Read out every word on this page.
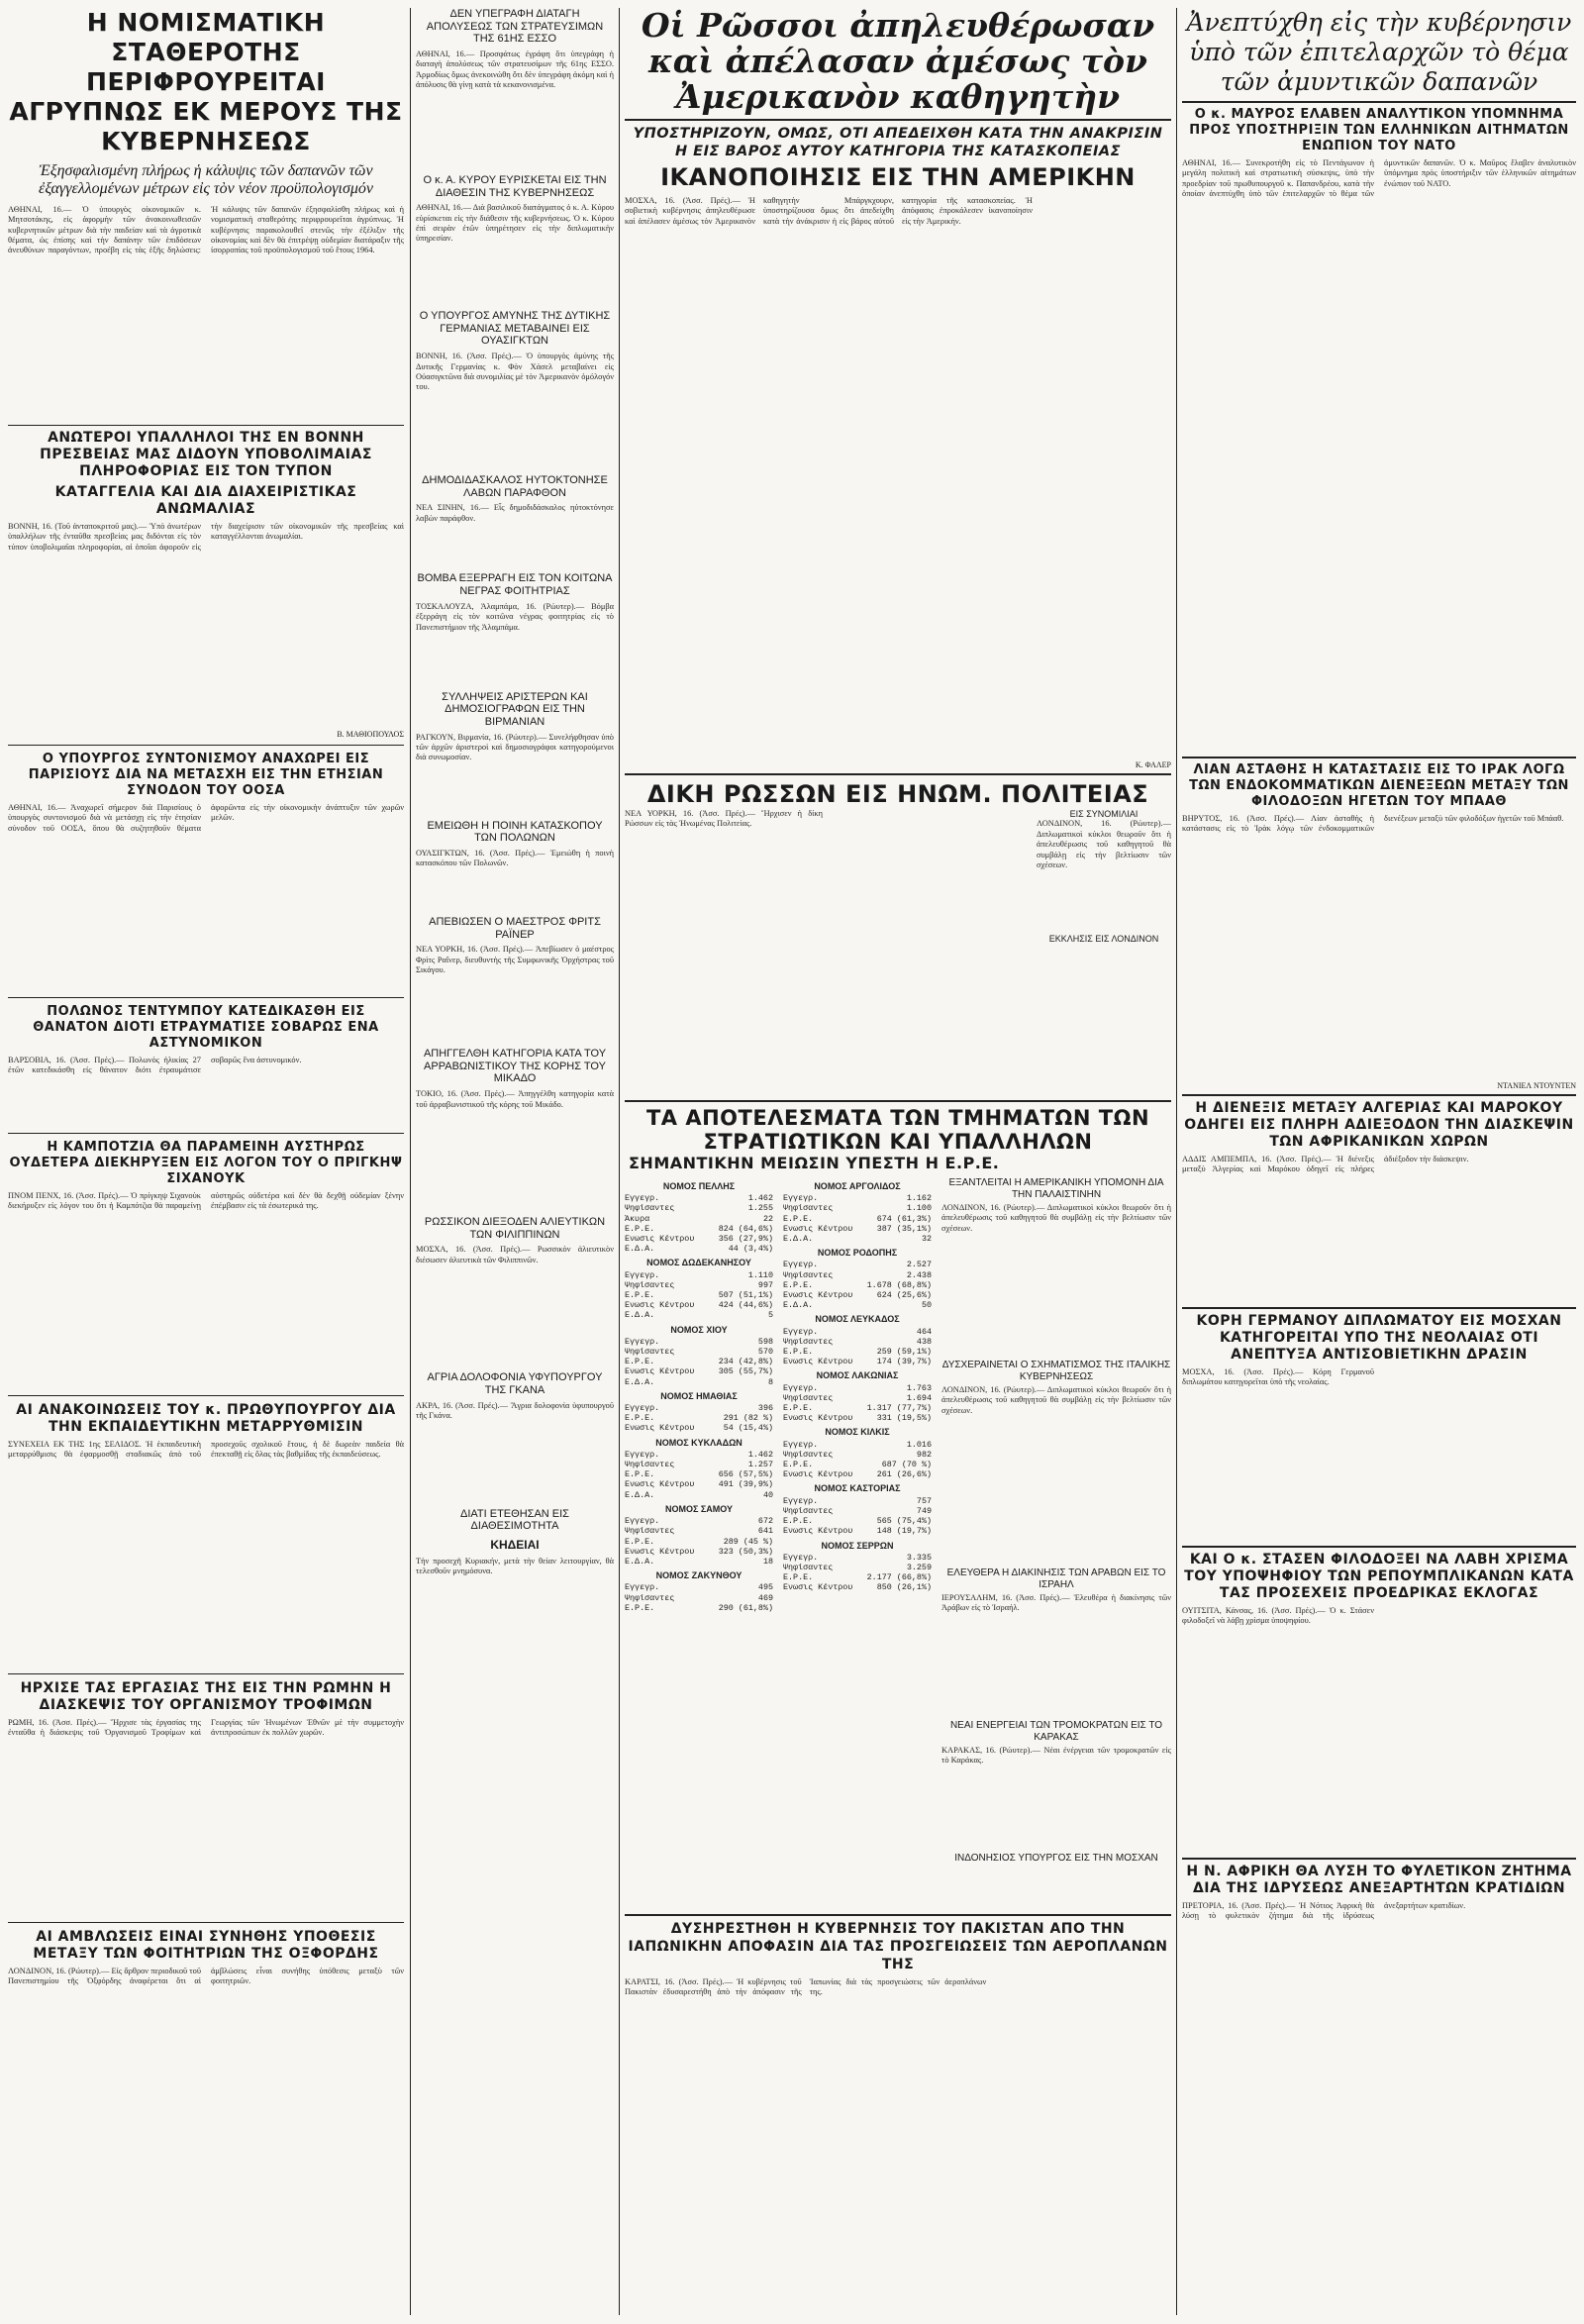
Η ΝΟΜΙΣΜΑΤΙΚΗ ΣΤΑΘΕΡΟΤΗΣ ΠΕΡΙΦΡΟΥΡΕΙΤΑΙ ΑΓΡΥΠΝΩΣ ΕΚ ΜΕΡΟΥΣ ΤΗΣ ΚΥΒΕΡΝΗΣΕΩΣ
Ἐξησφαλισμένη πλήρως ἡ κάλυψις τῶν δαπανῶν τῶν ἐξαγγελλομένων μέτρων εἰς τὸν νέον προϋπολογισμόν
ΑΘΗΝΑΙ, 16.— Ὁ ὑπουργὸς οἰκονομικῶν κ. Μητσοτάκης, εἰς ἀφορμὴν τῶν ἀνακοινωθεισῶν κυβερνητικῶν μέτρων διὰ τὴν παιδείαν καὶ τὰ ἀγροτικὰ θέματα, ὡς ἐπίσης καὶ τὴν δαπάνην τῶν ἐπιδόσεων ἀνευθύνων παραγόντων, προέβη εἰς τὰς ἑξῆς δηλώσεις: Ἡ κάλυψις τῶν δαπανῶν ἐξησφαλίσθη πλήρως καὶ ἡ νομισματικὴ σταθερότης περιφρουρεῖται ἀγρύπνως. Ἡ κυβέρνησις παρακολουθεῖ στενῶς τὴν ἐξέλιξιν τῆς οἰκονομίας καὶ δὲν θὰ ἐπιτρέψῃ οὐδεμίαν διατάραξιν τῆς ἰσορροπίας τοῦ προϋπολογισμοῦ τοῦ ἔτους 1964.
ΑΝΩΤΕΡΟΙ ΥΠΑΛΛΗΛΟΙ ΤΗΣ ΕΝ ΒΟΝΝΗ ΠΡΕΣΒΕΙΑΣ ΜΑΣ ΔΙΔΟΥΝ ΥΠΟΒΟΛΙΜΑΙΑΣ ΠΛΗΡΟΦΟΡΙΑΣ ΕΙΣ ΤΟΝ ΤΥΠΟΝ
ΚΑΤΑΓΓΕΛΙΑ ΚΑΙ ΔΙΑ ΔΙΑΧΕΙΡΙΣΤΙΚΑΣ ΑΝΩΜΑΛΙΑΣ
ΒΟΝΝΗ, 16. (Τοῦ ἀνταποκριτοῦ μας).— Ὑπὸ ἀνωτέρων ὑπαλλήλων τῆς ἐνταῦθα πρεσβείας μας διδόνται εἰς τὸν τύπον ὑποβολιμαῖαι πληροφορίαι, αἱ ὁποῖαι ἀφοροῦν εἰς τὴν διαχείρισιν τῶν οἰκονομικῶν τῆς πρεσβείας καὶ καταγγέλλονται ἀνωμαλίαι.
Β. ΜΑΘΙΟΠΟΥΛΟΣ
Ο ΥΠΟΥΡΓΟΣ ΣΥΝΤΟΝΙΣΜΟΥ ΑΝΑΧΩΡΕΙ ΕΙΣ ΠΑΡΙΣΙΟΥΣ ΔΙΑ ΝΑ ΜΕΤΑΣΧΗ ΕΙΣ ΤΗΝ ΕΤΗΣΙΑΝ ΣΥΝΟΔΟΝ ΤΟΥ ΟΟΣΑ
ΑΘΗΝΑΙ, 16.— Ἀναχωρεῖ σήμερον διὰ Παρισίους ὁ ὑπουργὸς συντονισμοῦ διὰ νὰ μετάσχῃ εἰς τὴν ἐτησίαν σύνοδον τοῦ ΟΟΣΑ, ὅπου θὰ συζητηθοῦν θέματα ἀφορῶντα εἰς τὴν οἰκονομικὴν ἀνάπτυξιν τῶν χωρῶν μελῶν.
ΠΟΛΩΝΟΣ ΤΕΝΤΥΜΠΟΥ ΚΑΤΕΔΙΚΑΣΘΗ ΕΙΣ ΘΑΝΑΤΟΝ ΔΙΟΤΙ ΕΤΡΑΥΜΑΤΙΣΕ ΣΟΒΑΡΩΣ ΕΝΑ ΑΣΤΥΝΟΜΙΚΟΝ
ΒΑΡΣΟΒΙΑ, 16. (Ἀσσ. Πρές).— Πολωνὸς ἠλικίας 27 ἐτῶν κατεδικάσθη εἰς θάνατον διότι ἐτραυμάτισε σοβαρῶς ἕνα ἀστυνομικόν.
Η ΚΑΜΠΟΤΖΙΑ ΘΑ ΠΑΡΑΜΕΙΝΗ ΑΥΣΤΗΡΩΣ ΟΥΔΕΤΕΡΑ ΔΙΕΚΗΡΥΞΕΝ ΕΙΣ ΛΟΓΟΝ ΤΟΥ Ο ΠΡΙΓΚΗΨ ΣΙΧΑΝΟΥΚ
ΠΝΟΜ ΠΕΝΧ, 16. (Ἀσσ. Πρές).— Ὁ πρίγκηψ Σιχανοὺκ διεκήρυξεν εἰς λόγον του ὅτι ἡ Καμπότζια θὰ παραμείνῃ αὐστηρῶς οὐδετέρα καὶ δὲν θὰ δεχθῇ οὐδεμίαν ξένην ἐπέμβασιν εἰς τὰ ἐσωτερικά της.
ΑΙ ΑΝΑΚΟΙΝΩΣΕΙΣ ΤΟΥ κ. ΠΡΩΘΥΠΟΥΡΓΟΥ ΔΙΑ ΤΗΝ ΕΚΠΑΙΔΕΥΤΙΚΗΝ ΜΕΤΑΡΡΥΘΜΙΣΙΝ
ΣΥΝΕΧΕΙΑ ΕΚ ΤΗΣ 1ης ΣΕΛΙΔΟΣ. Ἡ ἐκπαιδευτικὴ μεταρρύθμισις θὰ ἐφαρμοσθῇ σταδιακῶς ἀπὸ τοῦ προσεχοῦς σχολικοῦ ἔτους, ἡ δὲ δωρεὰν παιδεία θὰ ἐπεκταθῇ εἰς ὅλας τὰς βαθμίδας τῆς ἐκπαιδεύσεως.
ΗΡΧΙΣΕ ΤΑΣ ΕΡΓΑΣΙΑΣ ΤΗΣ ΕΙΣ ΤΗΝ ΡΩΜΗΝ Η ΔΙΑΣΚΕΨΙΣ ΤΟΥ ΟΡΓΑΝΙΣΜΟΥ ΤΡΟΦΙΜΩΝ
ΡΩΜΗ, 16. (Ἀσσ. Πρές).— Ἤρχισε τὰς ἐργασίας της ἐνταῦθα ἡ διάσκεψις τοῦ Ὀργανισμοῦ Τροφίμων καὶ Γεωργίας τῶν Ἡνωμένων Ἐθνῶν μὲ τὴν συμμετοχὴν ἀντιπροσώπων ἐκ πολλῶν χωρῶν.
ΑΙ ΑΜΒΛΩΣΕΙΣ ΕΙΝΑΙ ΣΥΝΗΘΗΣ ΥΠΟΘΕΣΙΣ ΜΕΤΑΞΥ ΤΩΝ ΦΟΙΤΗΤΡΙΩΝ ΤΗΣ ΟΞΦΟΡΔΗΣ
ΛΟΝΔΙΝΟΝ, 16. (Ρώυτερ).— Εἰς ἄρθρον περιοδικοῦ τοῦ Πανεπιστημίου τῆς Ὀξφόρδης ἀναφέρεται ὅτι αἱ ἀμβλώσεις εἶναι συνήθης ὑπόθεσις μεταξὺ τῶν φοιτητριῶν.
ΔΕΝ ΥΠΕΓΡΑΦΗ ΔΙΑΤΑΓΗ ΑΠΟΛΥΣΕΩΣ ΤΩΝ ΣΤΡΑΤΕΥΣΙΜΩΝ ΤΗΣ 61ΗΣ ΕΣΣΟ
ΑΘΗΝΑΙ, 16.— Προσφάτως ἐγράφη ὅτι ὑπεγράφη ἡ διαταγὴ ἀπολύσεως τῶν στρατευσίμων τῆς 61ης ΕΣΣΟ. Ἁρμοδίως ὅμως ἀνεκοινώθη ὅτι δὲν ὑπεγράφη ἀκόμη καὶ ἡ ἀπόλυσις θὰ γίνῃ κατὰ τὰ κεκανονισμένα.
Ο κ. Α. ΚΥΡΟΥ ΕΥΡΙΣΚΕΤΑΙ ΕΙΣ ΤΗΝ ΔΙΑΘΕΣΙΝ ΤΗΣ ΚΥΒΕΡΝΗΣΕΩΣ
ΑΘΗΝΑΙ, 16.— Διὰ βασιλικοῦ διατάγματος ὁ κ. Α. Κύρου εὑρίσκεται εἰς τὴν διάθεσιν τῆς κυβερνήσεως. Ὁ κ. Κύρου ἐπὶ σειρὰν ἐτῶν ὑπηρέτησεν εἰς τὴν διπλωματικὴν ὑπηρεσίαν.
Ο ΥΠΟΥΡΓΟΣ ΑΜΥΝΗΣ ΤΗΣ ΔΥΤΙΚΗΣ ΓΕΡΜΑΝΙΑΣ ΜΕΤΑΒΑΙΝΕΙ ΕΙΣ ΟΥΑΣΙΓΚΤΩΝ
ΒΟΝΝΗ, 16. (Ἀσσ. Πρές).— Ὁ ὑπουργὸς ἀμύνης τῆς Δυτικῆς Γερμανίας κ. Φὸν Χάσελ μεταβαίνει εἰς Οὐασιγκτῶνα διὰ συνομιλίας μὲ τὸν Ἀμερικανὸν ὁμόλογόν του.
ΔΗΜΟΔΙΔΑΣΚΑΛΟΣ ΗΥΤΟΚΤΟΝΗΣΕ ΛΑΒΩΝ ΠΑΡΑΦΘΟΝ
ΝΕΑ ΣΙΝΗΝ, 16.— Εἷς δημοδιδάσκαλος ηὐτοκτόνησε λαβὼν παράφθον.
ΒΟΜΒΑ ΕΞΕΡΡΑΓΗ ΕΙΣ ΤΟΝ ΚΟΙΤΩΝΑ ΝΕΓΡΑΣ ΦΟΙΤΗΤΡΙΑΣ
ΤΟΣΚΑΛΟΥΖΑ, Ἀλαμπάμα, 16. (Ρώυτερ).— Βόμβα ἐξερράγη εἰς τὸν κοιτῶνα νέγρας φοιτητρίας εἰς τὸ Πανεπιστήμιον τῆς Ἀλαμπάμα.
ΣΥΛΛΗΨΕΙΣ ΑΡΙΣΤΕΡΩΝ ΚΑΙ ΔΗΜΟΣΙΟΓΡΑΦΩΝ ΕΙΣ ΤΗΝ ΒΙΡΜΑΝΙΑΝ
ΡΑΓΚΟΥΝ, Βιρμανία, 16. (Ρώυτερ).— Συνελήφθησαν ὑπὸ τῶν ἀρχῶν ἀριστεροὶ καὶ δημοσιογράφοι κατηγορούμενοι διὰ συνωμοσίαν.
ΕΜΕΙΩΘΗ Η ΠΟΙΝΗ ΚΑΤΑΣΚΟΠΟΥ ΤΩΝ ΠΟΛΩΝΩΝ
ΟΥΑΣΙΓΚΤΩΝ, 16. (Ἀσσ. Πρές).— Ἐμειώθη ἡ ποινὴ κατασκόπου τῶν Πολωνῶν.
ΑΠΕΒΙΩΣΕΝ Ο ΜΑΕΣΤΡΟΣ ΦΡΙΤΣ ΡΑΪΝΕΡ
ΝΕΑ ΥΟΡΚΗ, 16. (Ἀσσ. Πρές).— Ἀπεβίωσεν ὁ μαέστρος Φρὶτς Ραΐνερ, διευθυντὴς τῆς Συμφωνικῆς Ὀρχήστρας τοῦ Σικάγου.
ΑΠΗΓΓΕΛΘΗ ΚΑΤΗΓΟΡΙΑ ΚΑΤΑ ΤΟΥ ΑΡΡΑΒΩΝΙΣΤΙΚΟΥ ΤΗΣ ΚΟΡΗΣ ΤΟΥ ΜΙΚΑΔΟ
ΤΟΚΙΟ, 16. (Ἀσσ. Πρές).— Ἀπηγγέλθη κατηγορία κατὰ τοῦ ἀρραβωνιστικοῦ τῆς κόρης τοῦ Μικάδο.
ΡΩΣΣΙΚΟΝ ΔΙΕΞΟΔΕΝ ΑΛΙΕΥΤΙΚΩΝ ΤΩΝ ΦΙΛΙΠΠΙΝΩΝ
ΜΟΣΧΑ, 16. (Ἀσσ. Πρές).— Ρωσσικὸν ἀλιευτικὸν διέσωσεν ἀλιευτικὰ τῶν Φιλιππινῶν.
ΑΓΡΙΑ ΔΟΛΟΦΟΝΙΑ ΥΦΥΠΟΥΡΓΟΥ ΤΗΣ ΓΚΑΝΑ
ΑΚΡΑ, 16. (Ἀσσ. Πρές).— Ἄγρια δολοφονία ὑφυπουργοῦ τῆς Γκάνα.
ΔΙΑΤΙ ΕΤΕΘΗΣΑΝ ΕΙΣ ΔΙΑΘΕΣΙΜΟΤΗΤΑ
ΚΗΔΕΙΑΙ
Τὴν προσεχῆ Κυριακήν, μετὰ τὴν θείαν λειτουργίαν, θὰ τελεσθοῦν μνημόσυνα.
Οἱ Ρῶσσοι ἀπηλευθέρωσαν καὶ ἀπέλασαν ἀμέσως τὸν Ἀμερικανὸν καθηγητὴν
ΥΠΟΣΤΗΡΙΖΟΥΝ, ΟΜΩΣ, ΟΤΙ ΑΠΕΔΕΙΧΘΗ ΚΑΤΑ ΤΗΝ ΑΝΑΚΡΙΣΙΝ Η ΕΙΣ ΒΑΡΟΣ ΑΥΤΟΥ ΚΑΤΗΓΟΡΙΑ ΤΗΣ ΚΑΤΑΣΚΟΠΕΙΑΣ
ΙΚΑΝΟΠΟΙΗΣΙΣ ΕΙΣ ΤΗΝ ΑΜΕΡΙΚΗΝ
ΜΟΣΧΑ, 16. (Ἀσσ. Πρές).— Ἡ σοβιετικὴ κυβέρνησις ἀπηλευθέρωσε καὶ ἀπέλασεν ἀμέσως τὸν Ἀμερικανὸν καθηγητὴν Μπάργκχουρν, ὑποστηρίζουσα ὅμως ὅτι ἀπεδείχθη κατὰ τὴν ἀνάκρισιν ἡ εἰς βάρος αὐτοῦ κατηγορία τῆς κατασκοπείας. Ἡ ἀπόφασις ἐπροκάλεσεν ἱκανοποίησιν εἰς τὴν Ἀμερικήν.
Κ. ΦΑΛΕΡ
ΔΙΚΗ ΡΩΣΣΩΝ ΕΙΣ ΗΝΩΜ. ΠΟΛΙΤΕΙΑΣ
ΝΕΑ ΥΟΡΚΗ, 16. (Ἀσσ. Πρές).— Ἤρχισεν ἡ δίκη Ρώσσων εἰς τὰς Ἡνωμένας Πολιτείας.
ΕΙΣ ΣΥΝΟΜΙΛΙΑΙ
ΛΟΝΔΙΝΟΝ, 16. (Ρώυτερ).— Διπλωματικοὶ κύκλοι θεωροῦν ὅτι ἡ ἀπελευθέρωσις τοῦ καθηγητοῦ θὰ συμβάλῃ εἰς τὴν βελτίωσιν τῶν σχέσεων.
ΕΚΚΛΗΣΙΣ ΕΙΣ ΛΟΝΔΙΝΟΝ
ΤΑ ΑΠΟΤΕΛΕΣΜΑΤΑ ΤΩΝ ΤΜΗΜΑΤΩΝ ΤΩΝ ΣΤΡΑΤΙΩΤΙΚΩΝ ΚΑΙ ΥΠΑΛΛΗΛΩΝ
ΣΗΜΑΝΤΙΚΗΝ ΜΕΙΩΣΙΝ ΥΠΕΣΤΗ Η Ε.Ρ.Ε.
ΝΟΜΟΣ ΠΕΛΛΗΣ
Ἐγγεγρ.	1.462
Ψηφίσαντες	1.255
Ἄκυρα	22
Ε.Ρ.Ε.	824 (64,6%)
Ἕνωσις Κέντρου	356 (27,9%)
Ε.Δ.Α.	44 (3,4%)
ΝΟΜΟΣ ΔΩΔΕΚΑΝΗΣΟΥ
Ἐγγεγρ.	1.110
Ψηφίσαντες	997
Ε.Ρ.Ε.	507 (51,1%)
Ἕνωσις Κέντρου	424 (44,6%)
Ε.Δ.Α.	5
ΝΟΜΟΣ ΧΙΟΥ
Ἐγγεγρ.	598
Ψηφίσαντες	570
Ε.Ρ.Ε.	234 (42,8%)
Ἕνωσις Κέντρου	305 (55,7%)
Ε.Δ.Α.	8
ΝΟΜΟΣ ΗΜΑΘΙΑΣ
Ἐγγεγρ.	396
Ε.Ρ.Ε.	291 (82 %)
Ἕνωσις Κέντρου	54 (15,4%)
ΝΟΜΟΣ ΚΥΚΛΑΔΩΝ
Ἐγγεγρ.	1.462
Ψηφίσαντες	1.257
Ε.Ρ.Ε.	656 (57,5%)
Ἕνωσις Κέντρου	491 (39,9%)
Ε.Δ.Α.	40
ΝΟΜΟΣ ΣΑΜΟΥ
Ἐγγεγρ.	672
Ψηφίσαντες	641
Ε.Ρ.Ε.	289 (45 %)
Ἕνωσις Κέντρου	323 (50,3%)
Ε.Δ.Α.	18
ΝΟΜΟΣ ΖΑΚΥΝΘΟΥ
Ἐγγεγρ.	495
Ψηφίσαντες	469
Ε.Ρ.Ε.	290 (61,8%)
ΝΟΜΟΣ ΑΡΓΟΛΙΔΟΣ
Ἐγγεγρ.	1.162
Ψηφίσαντες	1.100
Ε.Ρ.Ε.	674 (61,3%)
Ἕνωσις Κέντρου	387 (35,1%)
Ε.Δ.Α.	32
ΝΟΜΟΣ ΡΟΔΟΠΗΣ
Ἐγγεγρ.	2.527
Ψηφίσαντες	2.438
Ε.Ρ.Ε.	1.678 (68,8%)
Ἕνωσις Κέντρου	624 (25,6%)
Ε.Δ.Α.	50
ΝΟΜΟΣ ΛΕΥΚΑΔΟΣ
Ἐγγεγρ.	464
Ψηφίσαντες	438
Ε.Ρ.Ε.	259 (59,1%)
Ἕνωσις Κέντρου	174 (39,7%)
ΝΟΜΟΣ ΛΑΚΩΝΙΑΣ
Ἐγγεγρ.	1.763
Ψηφίσαντες	1.694
Ε.Ρ.Ε.	1.317 (77,7%)
Ἕνωσις Κέντρου	331 (19,5%)
ΝΟΜΟΣ ΚΙΛΚΙΣ
Ἐγγεγρ.	1.016
Ψηφίσαντες	982
Ε.Ρ.Ε.	687 (70 %)
Ἕνωσις Κέντρου	261 (26,6%)
ΝΟΜΟΣ ΚΑΣΤΟΡΙΑΣ
Ἐγγεγρ.	757
Ψηφίσαντες	749
Ε.Ρ.Ε.	565 (75,4%)
Ἕνωσις Κέντρου	148 (19,7%)
ΝΟΜΟΣ ΣΕΡΡΩΝ
Ἐγγεγρ.	3.335
Ψηφίσαντες	3.259
Ε.Ρ.Ε.	2.177 (66,8%)
Ἕνωσις Κέντρου	850 (26,1%)
ΕΞΑΝΤΛΕΙΤΑΙ Η ΑΜΕΡΙΚΑΝΙΚΗ ΥΠΟΜΟΝΗ ΔΙΑ ΤΗΝ ΠΑΛΑΙΣΤΙΝΗΝ
ΛΟΝΔΙΝΟΝ, 16. (Ρώυτερ).— Διπλωματικοὶ κύκλοι θεωροῦν ὅτι ἡ ἀπελευθέρωσις τοῦ καθηγητοῦ θὰ συμβάλῃ εἰς τὴν βελτίωσιν τῶν σχέσεων.
ΔΥΣΧΕΡΑΙΝΕΤΑΙ Ο ΣΧΗΜΑΤΙΣΜΟΣ ΤΗΣ ΙΤΑΛΙΚΗΣ ΚΥΒΕΡΝΗΣΕΩΣ
ΛΟΝΔΙΝΟΝ, 16. (Ρώυτερ).— Διπλωματικοὶ κύκλοι θεωροῦν ὅτι ἡ ἀπελευθέρωσις τοῦ καθηγητοῦ θὰ συμβάλῃ εἰς τὴν βελτίωσιν τῶν σχέσεων.
ΕΛΕΥΘΕΡΑ Η ΔΙΑΚΙΝΗΣΙΣ ΤΩΝ ΑΡΑΒΩΝ ΕΙΣ ΤΟ ΙΣΡΑΗΛ
ΙΕΡΟΥΣΑΛΗΜ, 16. (Ἀσσ. Πρές).— Ἐλευθέρα ἡ διακίνησις τῶν Ἀράβων εἰς τὸ Ἰσραήλ.
ΝΕΑΙ ΕΝΕΡΓΕΙΑΙ ΤΩΝ ΤΡΟΜΟΚΡΑΤΩΝ ΕΙΣ ΤΟ ΚΑΡΑΚΑΣ
ΚΑΡΑΚΑΣ, 16. (Ρώυτερ).— Νέαι ἐνέργειαι τῶν τρομοκρατῶν εἰς τὸ Καράκας.
ΙΝΔΟΝΗΣΙΟΣ ΥΠΟΥΡΓΟΣ ΕΙΣ ΤΗΝ ΜΟΣΧΑΝ
ΔΥΣΗΡΕΣΤΗΘΗ Η ΚΥΒΕΡΝΗΣΙΣ ΤΟΥ ΠΑΚΙΣΤΑΝ ΑΠΟ ΤΗΝ ΙΑΠΩΝΙΚΗΝ ΑΠΟΦΑΣΙΝ ΔΙΑ ΤΑΣ ΠΡΟΣΓΕΙΩΣΕΙΣ ΤΩΝ ΑΕΡΟΠΛΑΝΩΝ ΤΗΣ
ΚΑΡΑΤΣΙ, 16. (Ἀσσ. Πρές).— Ἡ κυβέρνησις τοῦ Πακιστὰν ἐδυσαρεστήθη ἀπὸ τὴν ἀπόφασιν τῆς Ἰαπωνίας διὰ τὰς προσγειώσεις τῶν ἀεροπλάνων της.
Ἀνεπτύχθη εἰς τὴν κυβέρνησιν ὑπὸ τῶν ἐπιτελαρχῶν τὸ θέμα τῶν ἀμυντικῶν δαπανῶν
Ο κ. ΜΑΥΡΟΣ ΕΛΑΒΕΝ ΑΝΑΛΥΤΙΚΟΝ ΥΠΟΜΝΗΜΑ ΠΡΟΣ ΥΠΟΣΤΗΡΙΞΙΝ ΤΩΝ ΕΛΛΗΝΙΚΩΝ ΑΙΤΗΜΑΤΩΝ ΕΝΩΠΙΟΝ ΤΟΥ ΝΑΤΟ
ΑΘΗΝΑΙ, 16.— Συνεκροτήθη εἰς τὸ Πεντάγωνον ἡ μεγάλη πολιτικὴ καὶ στρατιωτικὴ σύσκεψις, ὑπὸ τὴν προεδρίαν τοῦ πρωθυπουργοῦ κ. Παπανδρέου, κατὰ τὴν ὁποίαν ἀνεπτύχθη ὑπὸ τῶν ἐπιτελαρχῶν τὸ θέμα τῶν ἀμυντικῶν δαπανῶν. Ὁ κ. Μαῦρος ἔλαβεν ἀναλυτικὸν ὑπόμνημα πρὸς ὑποστήριξιν τῶν ἑλληνικῶν αἰτημάτων ἐνώπιον τοῦ ΝΑΤΟ.
ΛΙΑΝ ΑΣΤΑΘΗΣ Η ΚΑΤΑΣΤΑΣΙΣ ΕΙΣ ΤΟ ΙΡΑΚ ΛΟΓΩ ΤΩΝ ΕΝΔΟΚΟΜΜΑΤΙΚΩΝ ΔΙΕΝΕΞΕΩΝ ΜΕΤΑΞΥ ΤΩΝ ΦΙΛΟΔΟΞΩΝ ΗΓΕΤΩΝ ΤΟΥ ΜΠΑΑΘ
ΒΗΡΥΤΟΣ, 16. (Ἀσσ. Πρές).— Λίαν ἀσταθὴς ἡ κατάστασις εἰς τὸ Ἰρὰκ λόγῳ τῶν ἐνδοκομματικῶν διενέξεων μεταξὺ τῶν φιλοδόξων ἡγετῶν τοῦ Μπάαθ.
ΝΤΑΝΙΕΛ ΝΤΟΥΝΤΕΝ
Η ΔΙΕΝΕΞΙΣ ΜΕΤΑΞΥ ΑΛΓΕΡΙΑΣ ΚΑΙ ΜΑΡΟΚΟΥ ΟΔΗΓΕΙ ΕΙΣ ΠΛΗΡΗ ΑΔΙΕΞΟΔΟΝ ΤΗΝ ΔΙΑΣΚΕΨΙΝ ΤΩΝ ΑΦΡΙΚΑΝΙΚΩΝ ΧΩΡΩΝ
ΑΔΔΙΣ ΑΜΠΕΜΠΑ, 16. (Ἀσσ. Πρές).— Ἡ διένεξις μεταξὺ Ἀλγερίας καὶ Μαρόκου ὁδηγεῖ εἰς πλήρες ἀδιέξοδον τὴν διάσκεψιν.
ΚΟΡΗ ΓΕΡΜΑΝΟΥ ΔΙΠΛΩΜΑΤΟΥ ΕΙΣ ΜΟΣΧΑΝ ΚΑΤΗΓΟΡΕΙΤΑΙ ΥΠΟ ΤΗΣ ΝΕΟΛΑΙΑΣ ΟΤΙ ΑΝΕΠΤΥΞΑ ΑΝΤΙΣΟΒΙΕΤΙΚΗΝ ΔΡΑΣΙΝ
ΜΟΣΧΑ, 16. (Ἀσσ. Πρές).— Κόρη Γερμανοῦ διπλωμάτου κατηγορεῖται ὑπὸ τῆς νεολαίας.
ΚΑΙ Ο κ. ΣΤΑΣΕΝ ΦΙΛΟΔΟΞΕΙ ΝΑ ΛΑΒΗ ΧΡΙΣΜΑ ΤΟΥ ΥΠΟΨΗΦΙΟΥ ΤΩΝ ΡΕΠΟΥΜΠΛΙΚΑΝΩΝ ΚΑΤΑ ΤΑΣ ΠΡΟΣΕΧΕΙΣ ΠΡΟΕΔΡΙΚΑΣ ΕΚΛΟΓΑΣ
ΟΥΙΤΣΙΤΑ, Κάνσας, 16. (Ἀσσ. Πρές).— Ὁ κ. Στάσεν φιλοδοξεῖ νὰ λάβῃ χρίσμα ὑποψηφίου.
Η Ν. ΑΦΡΙΚΗ ΘΑ ΛΥΣΗ ΤΟ ΦΥΛΕΤΙΚΟΝ ΖΗΤΗΜΑ ΔΙΑ ΤΗΣ ΙΔΡΥΣΕΩΣ ΑΝΕΞΑΡΤΗΤΩΝ ΚΡΑΤΙΔΙΩΝ
ΠΡΕΤΟΡΙΑ, 16. (Ἀσσ. Πρές).— Ἡ Νότιος Ἀφρικὴ θὰ λύσῃ τὸ φυλετικὸν ζήτημα διὰ τῆς ἱδρύσεως ἀνεξαρτήτων κρατιδίων.
